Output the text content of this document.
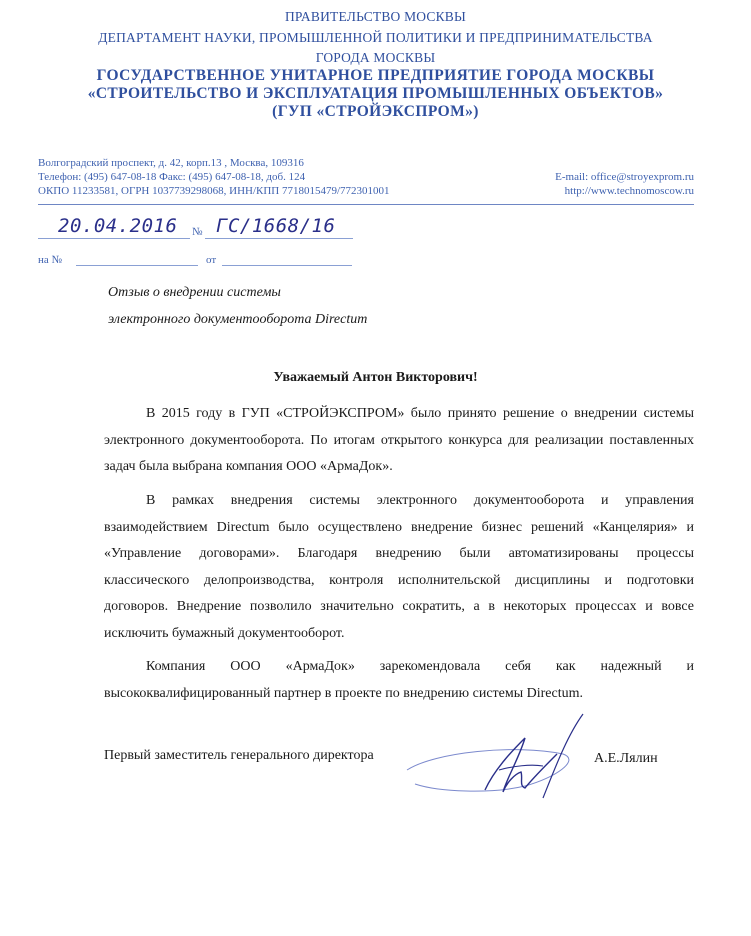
ПРАВИТЕЛЬСТВО МОСКВЫ
ДЕПАРТАМЕНТ НАУКИ, ПРОМЫШЛЕННОЙ ПОЛИТИКИ И ПРЕДПРИНИМАТЕЛЬСТВА
ГОРОДА МОСКВЫ
ГОСУДАРСТВЕННОЕ УНИТАРНОЕ ПРЕДПРИЯТИЕ ГОРОДА МОСКВЫ
«СТРОИТЕЛЬСТВО И ЭКСПЛУАТАЦИЯ ПРОМЫШЛЕННЫХ ОБЪЕКТОВ»
(ГУП «СТРОЙЭКСПРОМ»)
Волгоградский проспект, д. 42, корп.13 , Москва, 109316
Телефон: (495) 647-08-18 Факс: (495) 647-08-18, доб. 124
ОКПО 11233581, ОГРН 1037739298068, ИНН/КПП 7718015479/772301001
E-mail: office@stroyexprom.ru
http://www.technomoscow.ru
20.04.2016 № ГС/1668/16
на №	от
Отзыв о внедрении системы
электронного документооборота Directum
Уважаемый Антон Викторович!
В 2015 году в ГУП «СТРОЙЭКСПРОМ» было принято решение о внедрении системы электронного документооборота. По итогам открытого конкурса для реализации поставленных задач была выбрана компания ООО «АрмаДок».
В рамках внедрения системы электронного документооборота и управления взаимодействием Directum было осуществлено внедрение бизнес решений «Канцелярия» и «Управление договорами». Благодаря внедрению были автоматизированы процессы классического делопроизводства, контроля исполнительской дисциплины и подготовки договоров. Внедрение позволило значительно сократить, а в некоторых процессах и вовсе исключить бумажный документооборот.
Компания ООО «АрмаДок» зарекомендовала себя как надежный и высококвалифицированный партнер в проекте по внедрению системы Directum.
Первый заместитель генерального директора	А.Е.Лялин
